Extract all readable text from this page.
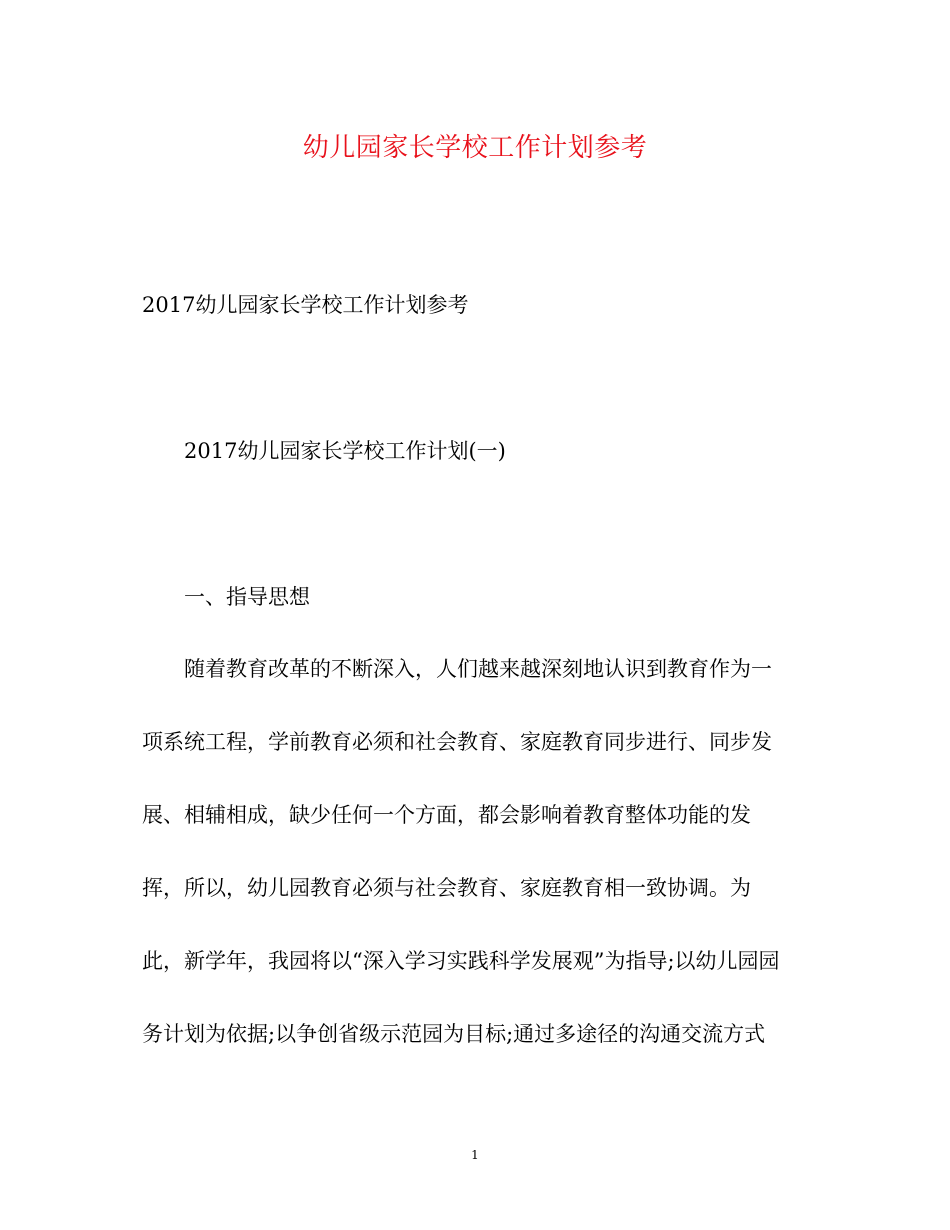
幼儿园家长学校工作计划参考
2017幼儿园家长学校工作计划参考
2017幼儿园家长学校工作计划(一)
一、指导思想
随着教育改革的不断深入，人们越来越深刻地认识到教育作为一
项系统工程，学前教育必须和社会教育、家庭教育同步进行、同步发
展、相辅相成，缺少任何一个方面，都会影响着教育整体功能的发
挥，所以，幼儿园教育必须与社会教育、家庭教育相一致协调。为
此，新学年，我园将以“深入学习实践科学发展观”为指导;以幼儿园园
务计划为依据;以争创省级示范园为目标;通过多途径的沟通交流方式
1
